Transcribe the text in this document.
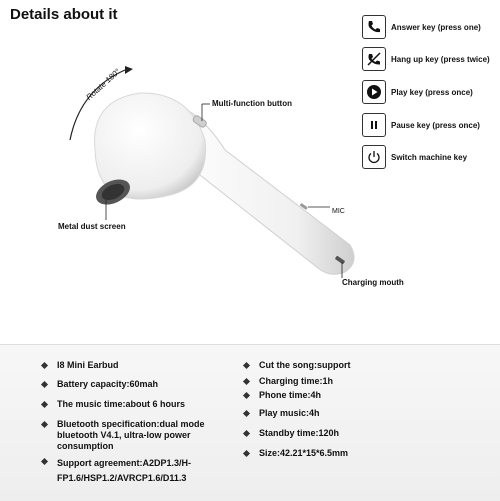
Details about it
Rotate 180°
Multi-function button
Metal dust screen
MIC
Charging mouth
Answer key (press one)
Hang up key (press twice)
Play key (press once)
Pause key (press once)
Switch machine key
I8 Mini Earbud
Battery capacity:60mah
The music time:about 6 hours
Bluetooth specification:dual mode bluetooth V4.1, ultra-low power consumption
Support agreement:A2DP1.3/H-FP1.6/HSP1.2/AVRCP1.6/D11.3
Cut the song:support
Charging time:1h
Phone time:4h
Play music:4h
Standby time:120h
Size:42.21*15*6.5mm
